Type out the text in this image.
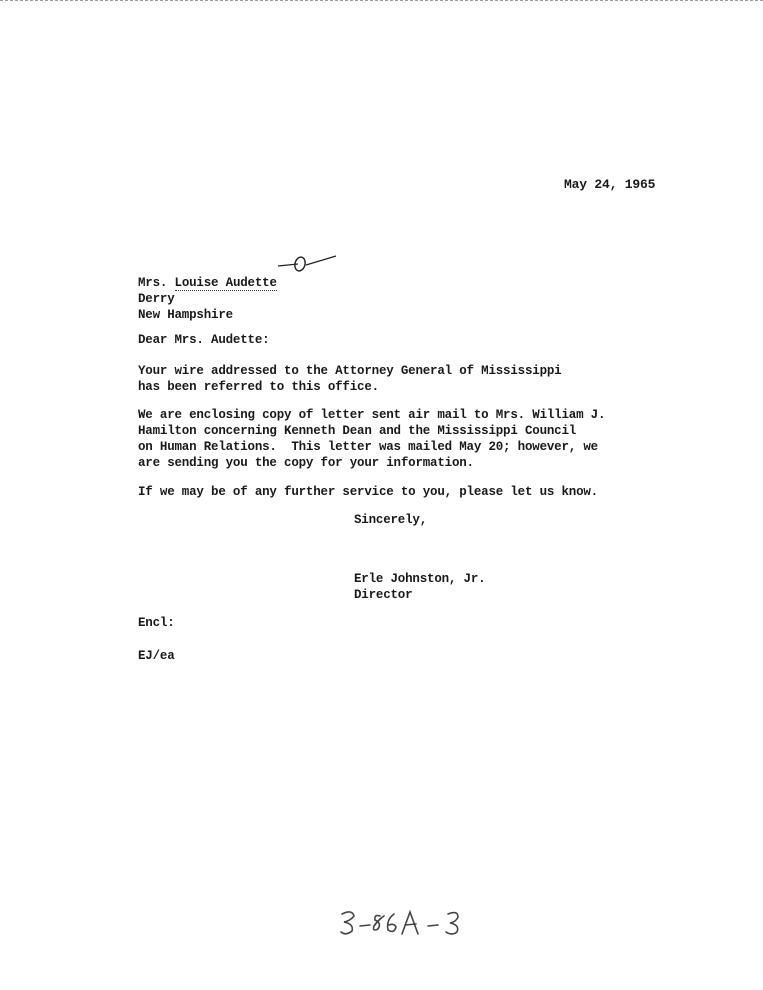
May 24, 1965
Mrs. Louise Audette
Derry
New Hampshire
Dear Mrs. Audette:
Your wire addressed to the Attorney General of Mississippi
has been referred to this office.
We are enclosing copy of letter sent air mail to Mrs. William J.
Hamilton concerning Kenneth Dean and the Mississippi Council
on Human Relations.  This letter was mailed May 20; however, we
are sending you the copy for your information.
If we may be of any further service to you, please let us know.
Sincerely,
Erle Johnston, Jr.
Director
Encl:
EJ/ea
